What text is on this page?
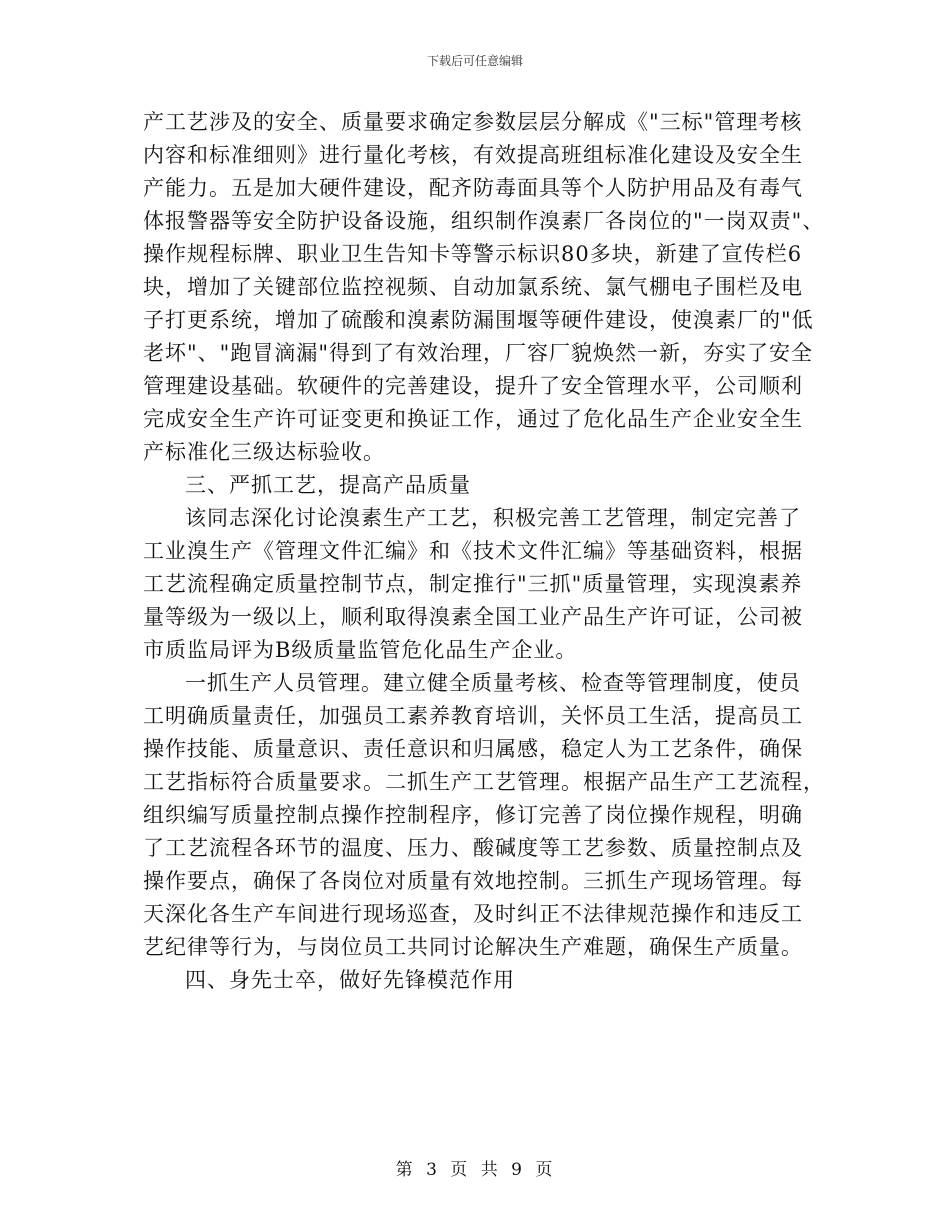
下载后可任意编辑
产工艺涉及的安全、质量要求确定参数层层分解成《"三标"管理考核
内容和标准细则》进行量化考核，有效提高班组标准化建设及安全生
产能力。五是加大硬件建设，配齐防毒面具等个人防护用品及有毒气
体报警器等安全防护设备设施，组织制作溴素厂各岗位的"一岗双责"、
操作规程标牌、职业卫生告知卡等警示标识80多块，新建了宣传栏6
块，增加了关键部位监控视频、自动加氯系统、氯气棚电子围栏及电
子打更系统，增加了硫酸和溴素防漏围堰等硬件建设，使溴素厂的"低
老坏"、"跑冒滴漏"得到了有效治理，厂容厂貌焕然一新，夯实了安全
管理建设基础。软硬件的完善建设，提升了安全管理水平，公司顺利
完成安全生产许可证变更和换证工作，通过了危化品生产企业安全生
产标准化三级达标验收。
三、严抓工艺，提高产品质量
该同志深化讨论溴素生产工艺，积极完善工艺管理，制定完善了
工业溴生产《管理文件汇编》和《技术文件汇编》等基础资料，根据
工艺流程确定质量控制节点，制定推行"三抓"质量管理，实现溴素养
量等级为一级以上，顺利取得溴素全国工业产品生产许可证，公司被
市质监局评为B级质量监管危化品生产企业。
一抓生产人员管理。建立健全质量考核、检查等管理制度，使员
工明确质量责任，加强员工素养教育培训，关怀员工生活，提高员工
操作技能、质量意识、责任意识和归属感，稳定人为工艺条件，确保
工艺指标符合质量要求。二抓生产工艺管理。根据产品生产工艺流程，
组织编写质量控制点操作控制程序，修订完善了岗位操作规程，明确
了工艺流程各环节的温度、压力、酸碱度等工艺参数、质量控制点及
操作要点，确保了各岗位对质量有效地控制。三抓生产现场管理。每
天深化各生产车间进行现场巡查，及时纠正不法律规范操作和违反工
艺纪律等行为，与岗位员工共同讨论解决生产难题，确保生产质量。
四、身先士卒，做好先锋模范作用
第 3 页 共 9 页
